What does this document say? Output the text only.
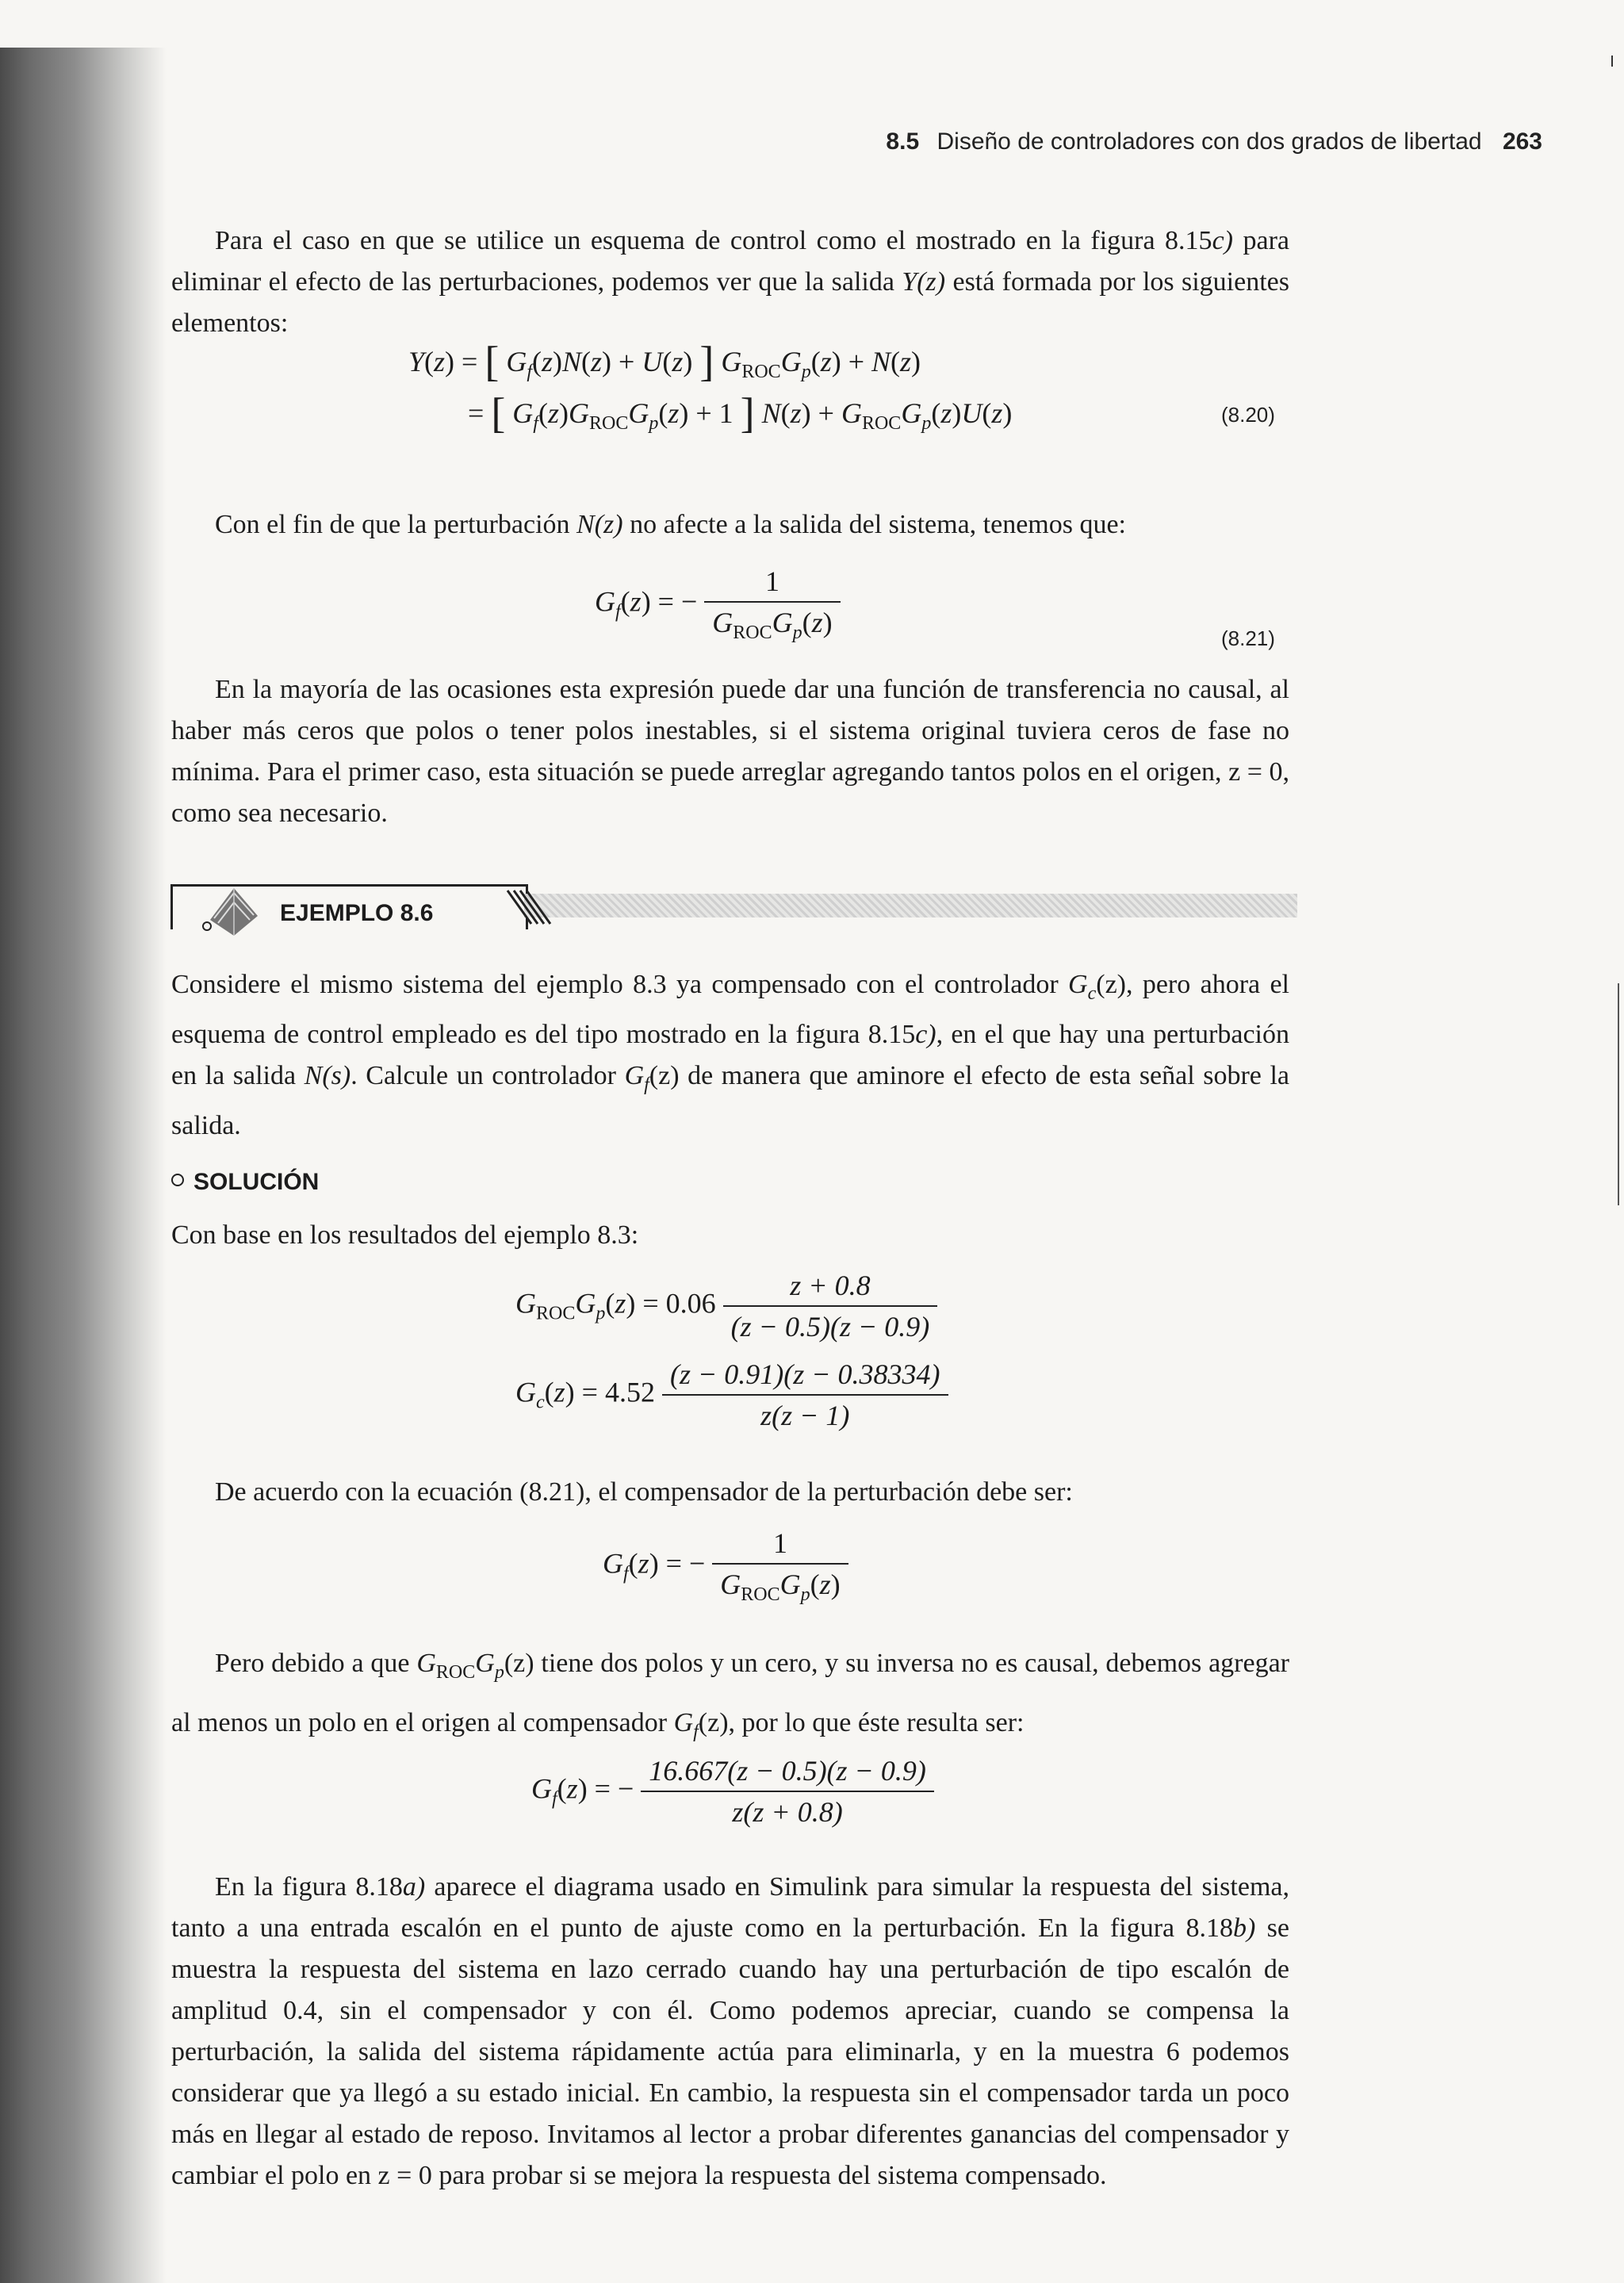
8.5 Diseño de controladores con dos grados de libertad 263
Para el caso en que se utilice un esquema de control como el mostrado en la figura 8.15c) para eliminar el efecto de las perturbaciones, podemos ver que la salida Y(z) está formada por los siguientes elementos:
Y(z) = [ $G_f(z)N(z) + U(z)$ ] $G_{ROC}G_p(z) + N(z)$
= [ $G_f(z)G_{ROC}G_p(z) + 1$ ] $N(z) + G_{ROC}G_p(z)U(z)$	(8.20)
Con el fin de que la perturbación N(z) no afecte a la salida del sistema, tenemos que:
$G_f(z)$ = − $\frac{1}{G_{ROC}G_p(z)}$	(8.21)
En la mayoría de las ocasiones esta expresión puede dar una función de transferencia no causal, al haber más ceros que polos o tener polos inestables, si el sistema original tuviera ceros de fase no mínima. Para el primer caso, esta situación se puede arreglar agregando tantos polos en el origen, z = 0, como sea necesario.
EJEMPLO 8.6
Considere el mismo sistema del ejemplo 8.3 ya compensado con el controlador $G_c(z)$, pero ahora el esquema de control empleado es del tipo mostrado en la figura 8.15c), en el que hay una perturbación en la salida N(s). Calcule un controlador $G_f(z)$ de manera que aminore el efecto de esta señal sobre la salida.
SOLUCIÓN
Con base en los resultados del ejemplo 8.3:
$G_{ROC}G_p(z) = 0.06 \frac{z + 0.8}{(z - 0.5)(z - 0.9)}$
$G_c(z) = 4.52 \frac{(z - 0.91)(z - 0.38334)}{z(z - 1)}$
De acuerdo con la ecuación (8.21), el compensador de la perturbación debe ser:
$G_f(z)$ = − $\frac{1}{G_{ROC}G_p(z)}$
Pero debido a que $G_{ROC}G_p(z)$ tiene dos polos y un cero, y su inversa no es causal, debemos agregar al menos un polo en el origen al compensador $G_f(z)$, por lo que éste resulta ser:
$G_f(z)$ = − $\frac{16.667(z - 0.5)(z - 0.9)}{z(z + 0.8)}$
En la figura 8.18a) aparece el diagrama usado en Simulink para simular la respuesta del sistema, tanto a una entrada escalón en el punto de ajuste como en la perturbación. En la figura 8.18b) se muestra la respuesta del sistema en lazo cerrado cuando hay una perturbación de tipo escalón de amplitud 0.4, sin el compensador y con él. Como podemos apreciar, cuando se compensa la perturbación, la salida del sistema rápidamente actúa para eliminarla, y en la muestra 6 podemos considerar que ya llegó a su estado inicial. En cambio, la respuesta sin el compensador tarda un poco más en llegar al estado de reposo. Invitamos al lector a probar diferentes ganancias del compensador y cambiar el polo en z = 0 para probar si se mejora la respuesta del sistema compensado.
